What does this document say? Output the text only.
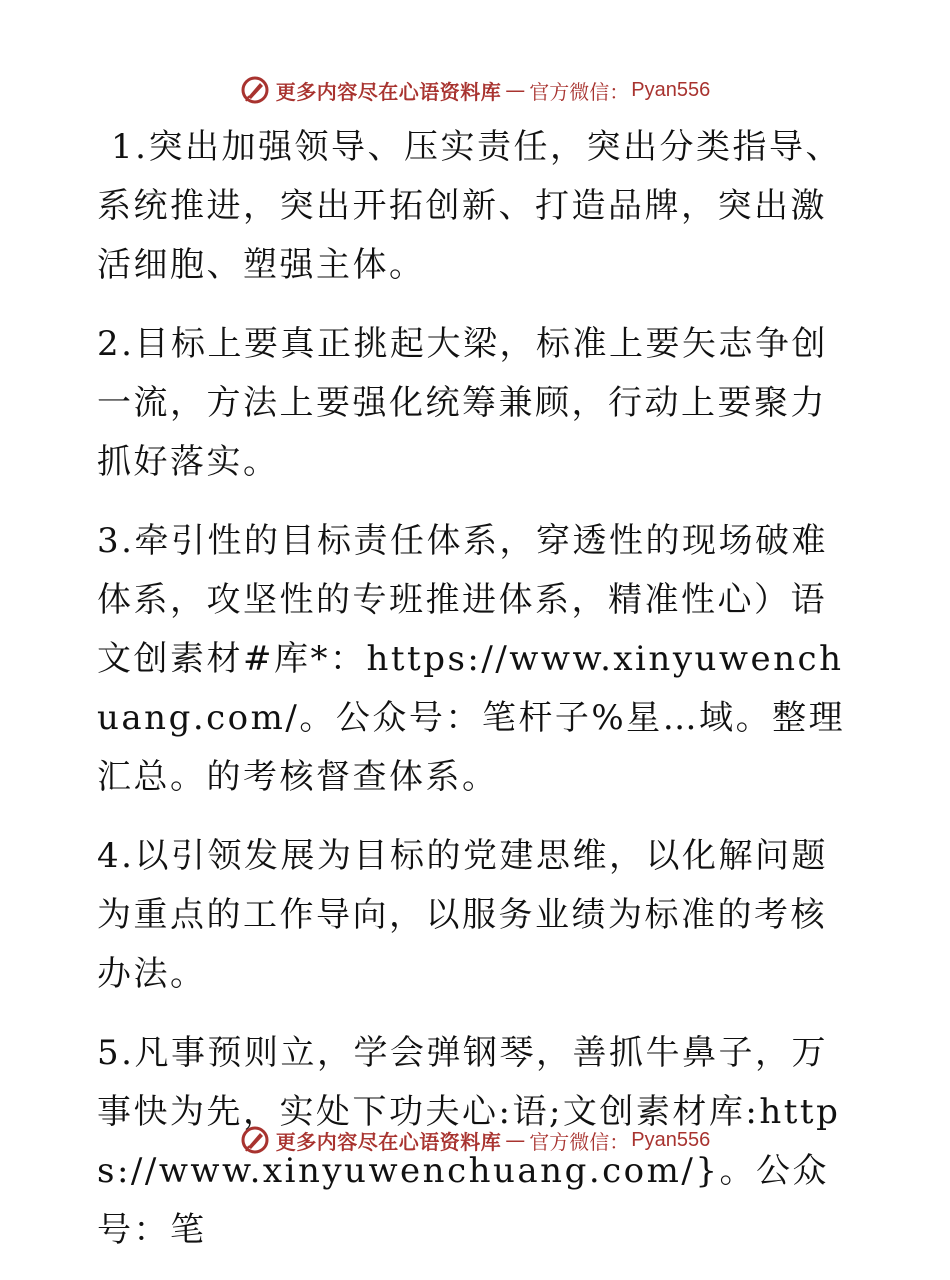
更多内容尽在心语资料库 — 官方微信： Pyan556

1.突出加强领导、压实责任，突出分类指导、系统推进，突出开拓创新、打造品牌，突出激活细胞、塑强主体。

2.目标上要真正挑起大梁，标准上要矢志争创一流，方法上要强化统筹兼顾，行动上要聚力抓好落实。

3.牵引性的目标责任体系，穿透性的现场破难体系，攻坚性的专班推进体系，精准性心）语文创素材#库*：https://www.xinyuwenchuang.com/。公众号：笔杆子%星…域。整理汇总。的考核督查体系。

4.以引领发展为目标的党建思维，以化解问题为重点的工作导向，以服务业绩为标准的考核办法。

5.凡事预则立，学会弹钢琴，善抓牛鼻子，万事快为先，实处下功夫心:语;文创素材库:https://www.xinyuwenchuang.com/}。公众号：笔

更多内容尽在心语资料库 — 官方微信： Pyan556
